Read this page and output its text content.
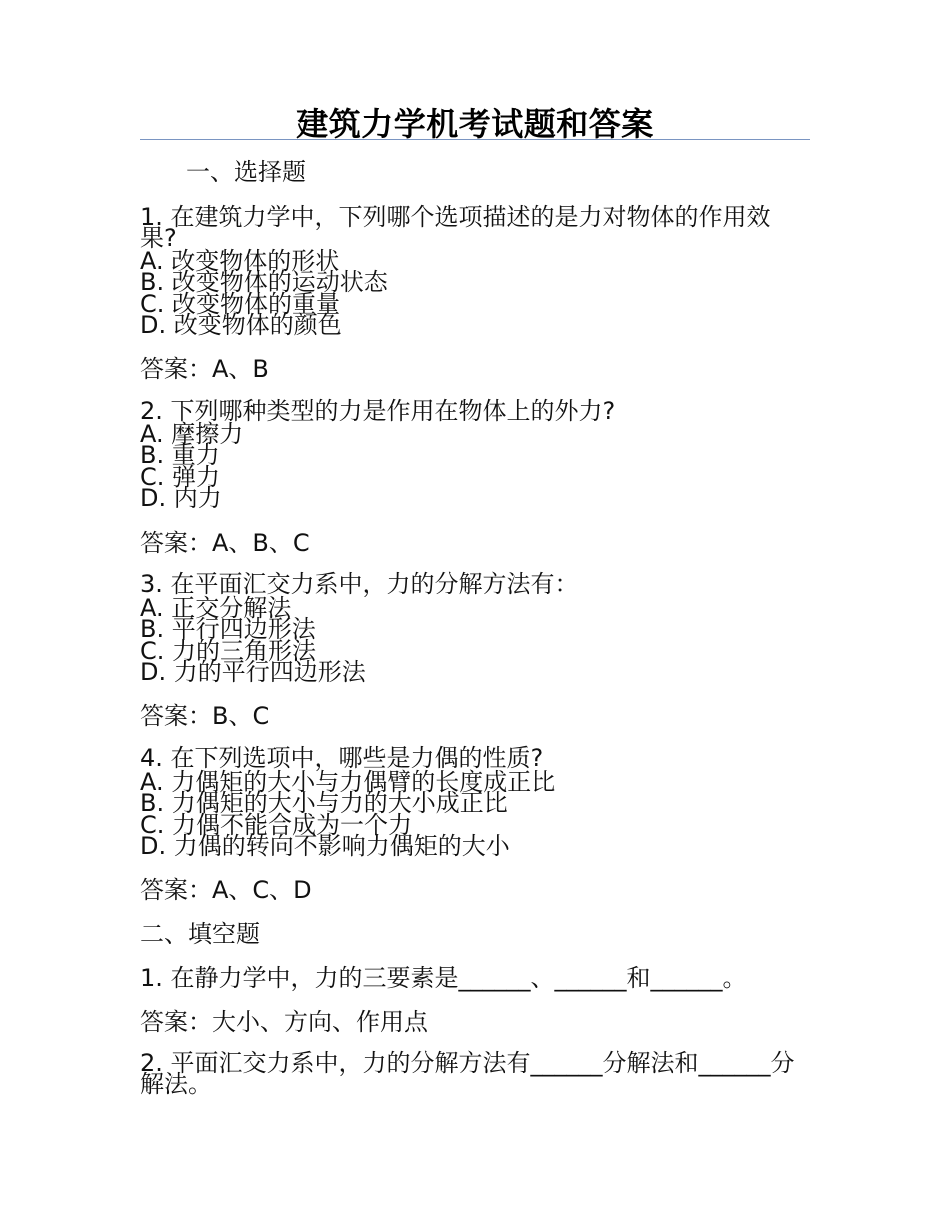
建筑力学机考试题和答案
一、选择题
1. 在建筑力学中，下列哪个选项描述的是力对物体的作用效果?
A. 改变物体的形状
B. 改变物体的运动状态
C. 改变物体的重量
D. 改变物体的颜色
答案：A、B
2. 下列哪种类型的力是作用在物体上的外力?
A. 摩擦力
B. 重力
C. 弹力
D. 内力
答案：A、B、C
3. 在平面汇交力系中，力的分解方法有：
A. 正交分解法
B. 平行四边形法
C. 力的三角形法
D. 力的平行四边形法
答案：B、C
4. 在下列选项中，哪些是力偶的性质?
A. 力偶矩的大小与力偶臂的长度成正比
B. 力偶矩的大小与力的大小成正比
C. 力偶不能合成为一个力
D. 力偶的转向不影响力偶矩的大小
答案：A、C、D
二、填空题
1. 在静力学中，力的三要素是______、______和______。
答案：大小、方向、作用点
2. 平面汇交力系中，力的分解方法有______分解法和______分解法。
